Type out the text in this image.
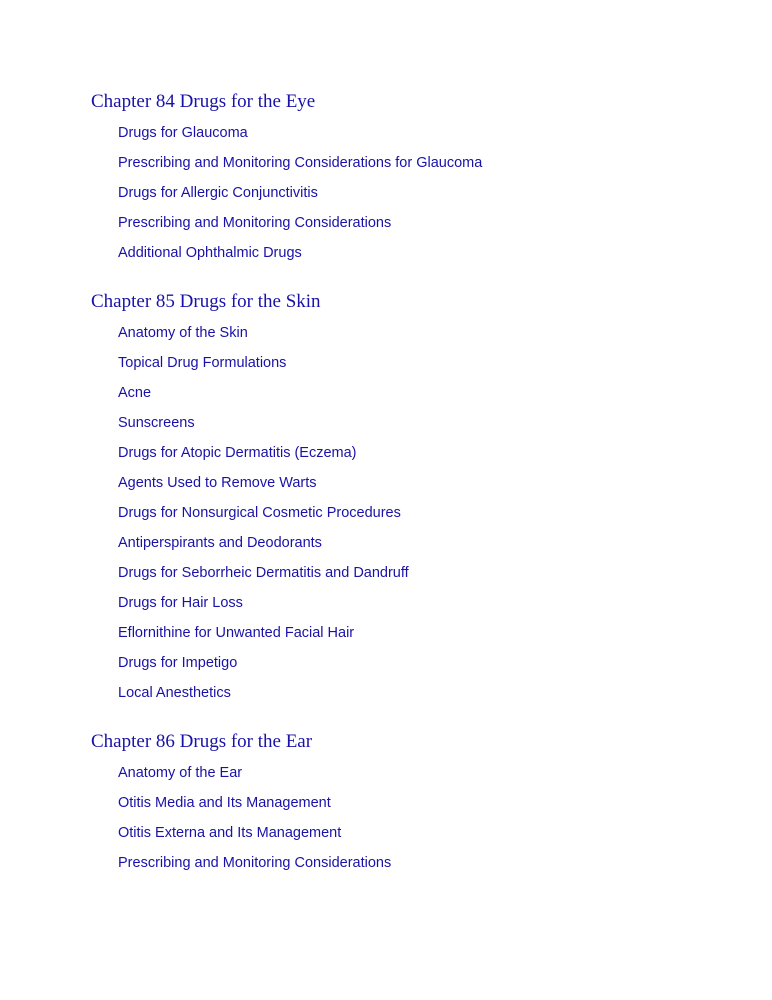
Chapter 84 Drugs for the Eye
Drugs for Glaucoma
Prescribing and Monitoring Considerations for Glaucoma
Drugs for Allergic Conjunctivitis
Prescribing and Monitoring Considerations
Additional Ophthalmic Drugs
Chapter 85 Drugs for the Skin
Anatomy of the Skin
Topical Drug Formulations
Acne
Sunscreens
Drugs for Atopic Dermatitis (Eczema)
Agents Used to Remove Warts
Drugs for Nonsurgical Cosmetic Procedures
Antiperspirants and Deodorants
Drugs for Seborrheic Dermatitis and Dandruff
Drugs for Hair Loss
Eflornithine for Unwanted Facial Hair
Drugs for Impetigo
Local Anesthetics
Chapter 86 Drugs for the Ear
Anatomy of the Ear
Otitis Media and Its Management
Otitis Externa and Its Management
Prescribing and Monitoring Considerations
